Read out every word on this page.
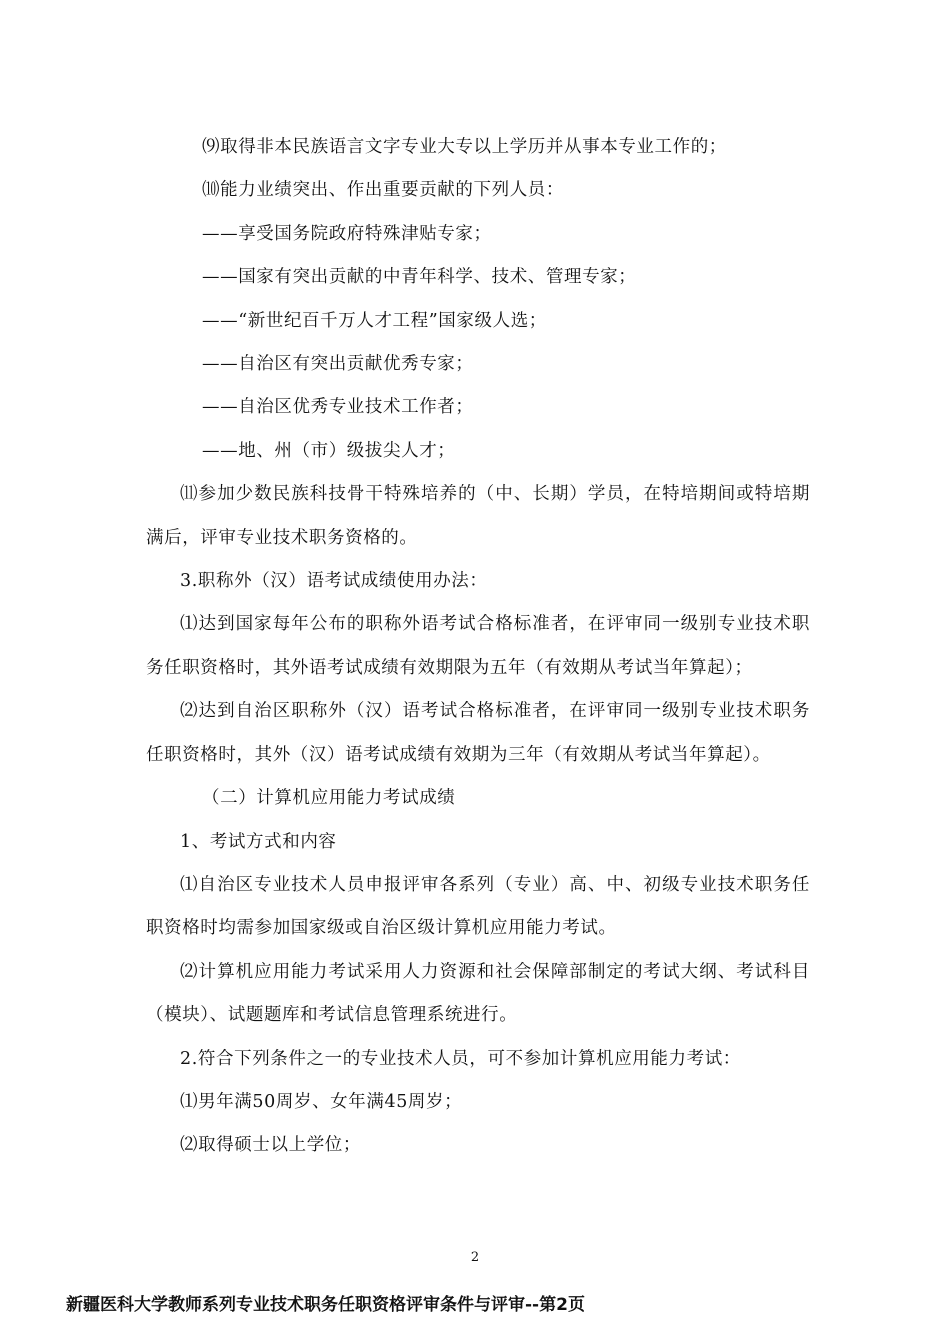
⑼取得非本民族语言文字专业大专以上学历并从事本专业工作的；

⑽能力业绩突出、作出重要贡献的下列人员：

——享受国务院政府特殊津贴专家；

——国家有突出贡献的中青年科学、技术、管理专家；

——“新世纪百千万人才工程”国家级人选；

——自治区有突出贡献优秀专家；

——自治区优秀专业技术工作者；

——地、州（市）级拔尖人才；

⑾参加少数民族科技骨干特殊培养的（中、长期）学员，在特培期间或特培期满后，评审专业技术职务资格的。

3.职称外（汉）语考试成绩使用办法：

⑴达到国家每年公布的职称外语考试合格标准者，在评审同一级别专业技术职务任职资格时，其外语考试成绩有效期限为五年（有效期从考试当年算起）；

⑵达到自治区职称外（汉）语考试合格标准者，在评审同一级别专业技术职务任职资格时，其外（汉）语考试成绩有效期为三年（有效期从考试当年算起）。

（二）计算机应用能力考试成绩

1、考试方式和内容

⑴自治区专业技术人员申报评审各系列（专业）高、中、初级专业技术职务任职资格时均需参加国家级或自治区级计算机应用能力考试。

⑵计算机应用能力考试采用人力资源和社会保障部制定的考试大纲、考试科目（模块）、试题题库和考试信息管理系统进行。

2.符合下列条件之一的专业技术人员，可不参加计算机应用能力考试：

⑴男年满50周岁、女年满45周岁；

⑵取得硕士以上学位；

2
新疆医科大学教师系列专业技术职务任职资格评审条件与评审--第2页
